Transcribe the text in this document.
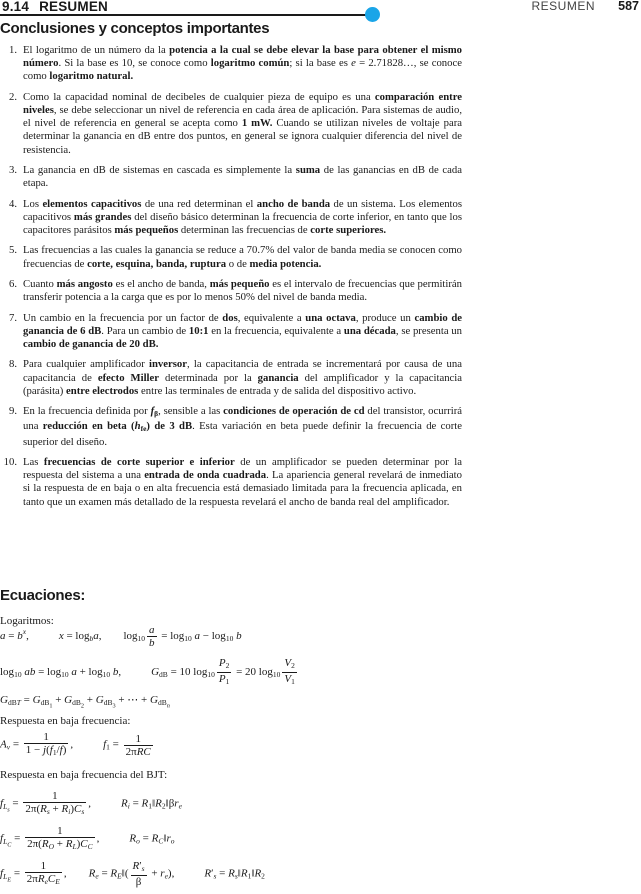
9.14 RESUMEN	RESUMEN 587
Conclusiones y conceptos importantes
1. El logaritmo de un número da la potencia a la cual se debe elevar la base para obtener el mismo número. Si la base es 10, se conoce como logaritmo común; si la base es e = 2.71828…, se conoce como logaritmo natural.
2. Como la capacidad nominal de decibeles de cualquier pieza de equipo es una comparación entre niveles, se debe seleccionar un nivel de referencia en cada área de aplicación. Para sistemas de audio, el nivel de referencia en general se acepta como 1 mW. Cuando se utilizan niveles de voltaje para determinar la ganancia en dB entre dos puntos, en general se ignora cualquier diferencia del nivel de resistencia.
3. La ganancia en dB de sistemas en cascada es simplemente la suma de las ganancias en dB de cada etapa.
4. Los elementos capacitivos de una red determinan el ancho de banda de un sistema. Los elementos capacitivos más grandes del diseño básico determinan la frecuencia de corte inferior, en tanto que los capacitores parásitos más pequeños determinan las frecuencias de corte superiores.
5. Las frecuencias a las cuales la ganancia se reduce a 70.7% del valor de banda media se conocen como frecuencias de corte, esquina, banda, ruptura o de media potencia.
6. Cuanto más angosto es el ancho de banda, más pequeño es el intervalo de frecuencias que permitirán transferir potencia a la carga que es por lo menos 50% del nivel de banda media.
7. Un cambio en la frecuencia por un factor de dos, equivalente a una octava, produce un cambio de ganancia de 6 dB. Para un cambio de 10:1 en la frecuencia, equivalente a una década, se presenta un cambio de ganancia de 20 dB.
8. Para cualquier amplificador inversor, la capacitancia de entrada se incrementará por causa de una capacitancia de efecto Miller determinada por la ganancia del amplificador y la capacitancia (parásita) entre electrodos entre las terminales de entrada y de salida del dispositivo activo.
9. En la frecuencia definida por $f_\beta$, sensible a las condiciones de operación de cd del transistor, ocurrirá una reducción en beta $(h_{fe})$ de 3 dB. Esta variación en beta puede definir la frecuencia de corte superior del diseño.
10. Las frecuencias de corte superior e inferior de un amplificador se pueden determinar por la respuesta del sistema a una entrada de onda cuadrada. La apariencia general revelará de inmediato si la respuesta de en baja o en alta frecuencia está demasiado limitada para la frecuencia aplicada, en tanto que un examen más detallado de la respuesta revelará el ancho de banda real del amplificador.
Ecuaciones:
Logaritmos:
$a = b^x$,	$x = \log_ba$, $\log_{10} \frac{a}{b} = \log_{10} a - \log_{10} b$
$\log_{10}$ ab = $\log_{10} a + \log_{10} b$,	$G_{dB} = 10$ $\log_{10} \frac{P_2}{P_1} = 20$ $\log_{10} \frac{V_2}{V_1}$
$G_{dBT} = G_{dB_1} + G_{dB_2} + G_{dB_3}$ + ⋯ + $G_{dB_n}$
Respuesta en baja frecuencia:
$A_v = \frac{1}{1 - j(f_1/f)}$ ,	$f_1 = \frac{1}{\text{2πRC}}$
Respuesta en baja frecuencia del BJT:
$f_{L_s} = \frac{1}{2\pi(R_s + R_i)C_s}$ ,	$R_i$ = $R_1‖R_2‖\beta r_e$
$f_{L_C} = \frac{1}{2\pi(R_O + R_L)C_C}$ ,	$R_o$ = $R_C‖r_o$
$f_{L_E} = \frac{1}{2\pi R_eC_E}$ , $R_e$ = $R_E‖( \frac{R'_s}{\beta} + r_e)$,	$R'_s$ = $R_s‖R_1‖R_2$
